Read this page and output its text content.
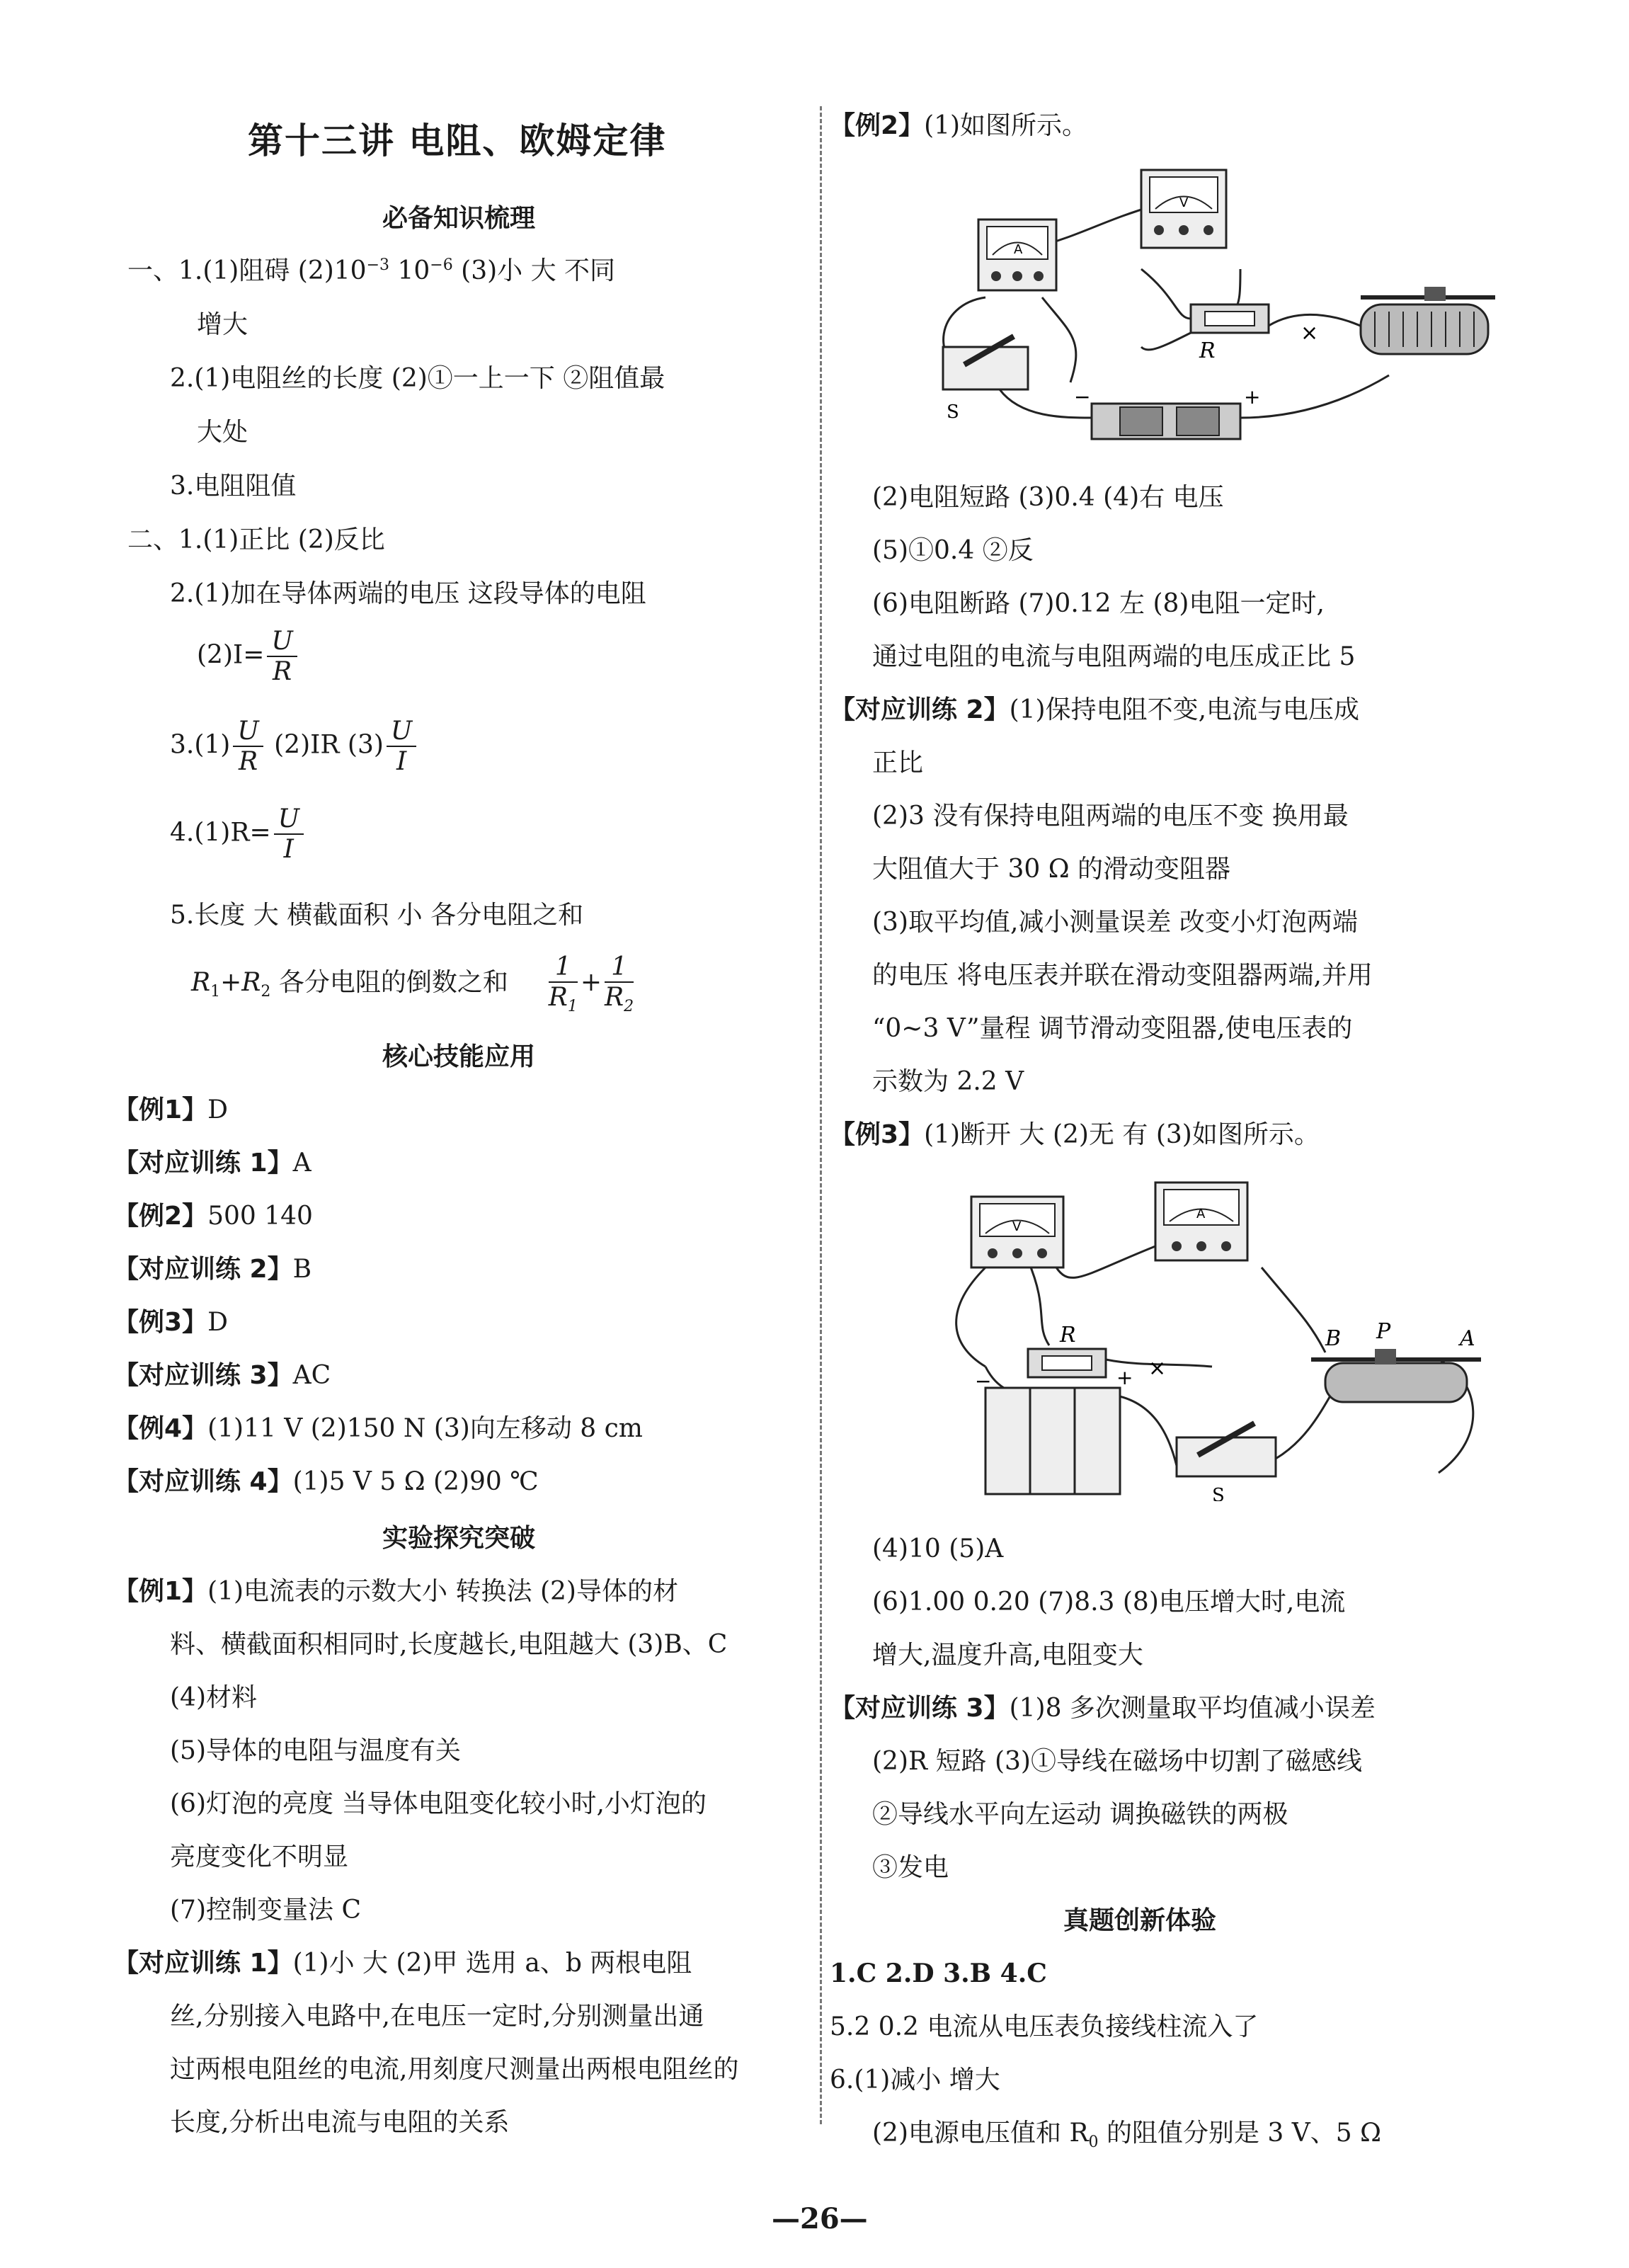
第十三讲 电阻、欧姆定律
必备知识梳理
一、1.(1)阻碍 $(2)10^{-3}$ $10^{-6}$ (3)小 大 不同
增大
2.(1)电阻丝的长度 (2)①一上一下 ②阻值最
大处
3.电阻阻值
二、1.(1)正比 (2)反比
2.(1)加在导体两端的电压 这段导体的电阻
$(2)I= \frac{U}{R}$
$3.(1) \frac{U}{R} (2)IR$ $(3) \frac{U}{I}$
$4.(1)R= \frac{U}{I}$
5.长度 大 横截面积 小 各分电阻之和
$R_1+R_2$ 各分电阻的倒数之和 $\frac{1}{R_1} + \frac{1}{R_2}$
核心技能应用
【例1】D
【对应训练 1】A
【例2】500 140
【对应训练 2】B
【例3】D
【对应训练 3】AC
【例4】(1)11 V (2)150 N (3)向左移动 8 cm
【对应训练 4】(1)5 V 5 Ω (2)90 ℃
实验探究突破
【例1】(1)电流表的示数大小 转换法 (2)导体的材
料、横截面积相同时,长度越长,电阻越大 (3)B、C
(4)材料
(5)导体的电阻与温度有关
(6)灯泡的亮度 当导体电阻变化较小时,小灯泡的
亮度变化不明显
(7)控制变量法 C
【对应训练 1】(1)小 大 (2)甲 选用 a、b 两根电阻
丝,分别接入电路中,在电压一定时,分别测量出通
过两根电阻丝的电流,用刻度尺测量出两根电阻丝的
长度,分析出电流与电阻的关系
【例2】(1)如图所示。
A
V
R
×
S
−	+
(2)电阻短路 (3)0.4 (4)右 电压
(5)①0.4 ②反
(6)电阻断路 (7)0.12 左 (8)电阻一定时,
通过电阻的电流与电阻两端的电压成正比 5
【对应训练 2】(1)保持电阻不变,电流与电压成
正比
(2)3 没有保持电阻两端的电压不变 换用最
大阻值大于 30 Ω 的滑动变阻器
(3)取平均值,减小测量误差 改变小灯泡两端
的电压 将电压表并联在滑动变阻器两端,并用
“0~3 V”量程 调节滑动变阻器,使电压表的
示数为 2.2 V
【例3】(1)断开 大 (2)无 有 (3)如图所示。
V
A
R
×
B P	A
−	+
S
(4)10 (5)A
(6)1.00 0.20 (7)8.3 (8)电压增大时,电流
增大,温度升高,电阻变大
【对应训练 3】(1)8 多次测量取平均值减小误差
(2)R 短路 (3)①导线在磁场中切割了磁感线
②导线水平向左运动 调换磁铁的两极
③发电
真题创新体验
1.C 2.D 3.B 4.C
5.2 0.2 电流从电压表负接线柱流入了
6.(1)减小 增大
(2)电源电压值和 $R_0$ 的阻值分别是 3 V、5 Ω
—26—
